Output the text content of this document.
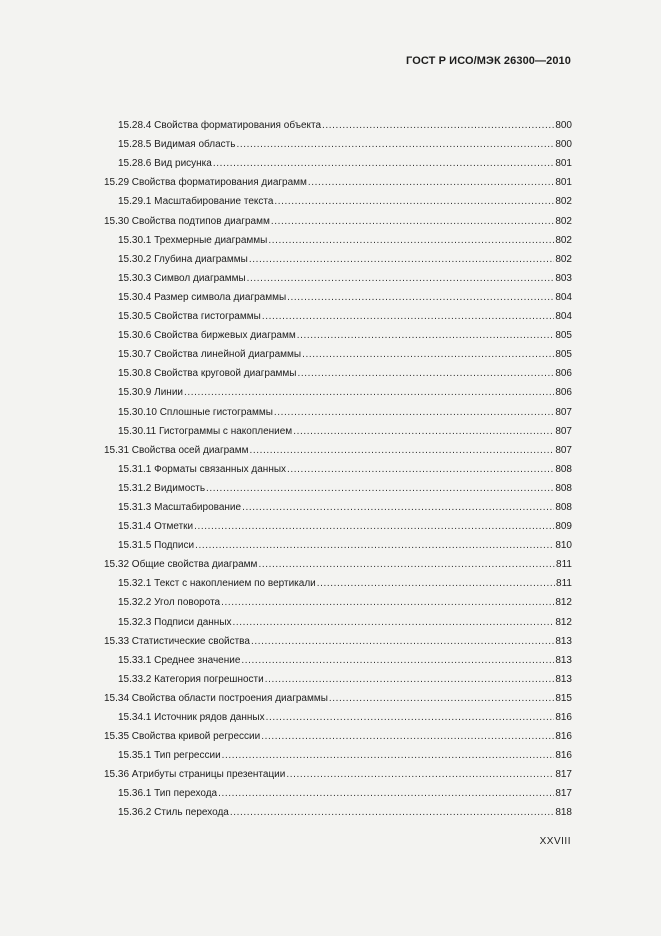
ГОСТ Р ИСО/МЭК 26300—2010
15.28.4 Свойства форматирования объекта .....	800
15.28.5 Видимая область .....	800
15.28.6 Вид рисунка .....	801
15.29 Свойства форматирования диаграмм .....	801
15.29.1 Масштабирование текста .....	802
15.30 Свойства подтипов диаграмм .....	802
15.30.1 Трехмерные диаграммы .....	802
15.30.2 Глубина диаграммы .....	802
15.30.3 Символ диаграммы .....	803
15.30.4 Размер символа диаграммы .....	804
15.30.5 Свойства гистограммы .....	804
15.30.6 Свойства биржевых диаграмм .....	805
15.30.7 Свойства линейной диаграммы .....	805
15.30.8 Свойства круговой диаграммы .....	806
15.30.9 Линии .....	806
15.30.10 Сплошные гистограммы .....	807
15.30.11 Гистограммы с накоплением .....	807
15.31 Свойства осей диаграмм .....	807
15.31.1 Форматы связанных данных .....	808
15.31.2 Видимость .....	808
15.31.3 Масштабирование .....	808
15.31.4 Отметки .....	809
15.31.5 Подписи .....	810
15.32 Общие свойства диаграмм .....	811
15.32.1 Текст с накоплением по вертикали .....	811
15.32.2 Угол поворота .....	812
15.32.3 Подписи данных .....	812
15.33 Статистические свойства .....	813
15.33.1 Среднее значение .....	813
15.33.2 Категория погрешности .....	813
15.34 Свойства области построения диаграммы .....	815
15.34.1 Источник рядов данных .....	816
15.35 Свойства кривой регрессии .....	816
15.35.1 Тип регрессии .....	816
15.36 Атрибуты страницы презентации .....	817
15.36.1 Тип перехода .....	817
15.36.2 Стиль перехода .....	818
XXVIII
